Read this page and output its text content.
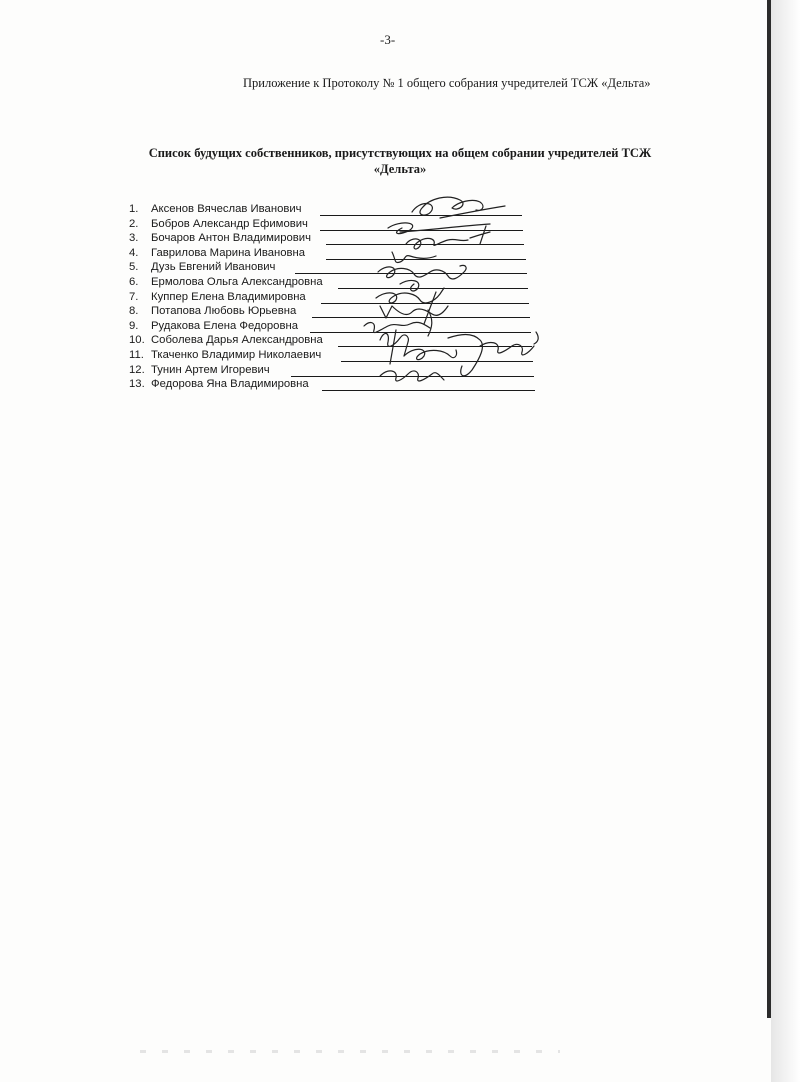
-3-
Приложение к Протоколу № 1 общего собрания учредителей ТСЖ «Дельта»
Список будущих собственников, присутствующих на общем собрании учредителей ТСЖ
«Дельта»
1. Аксенов Вячеслав Иванович
2. Бобров Александр Ефимович
3. Бочаров Антон Владимирович
4. Гаврилова Марина Ивановна
5. Дузь Евгений Иванович
6. Ермолова Ольга Александровна
7. Куппер Елена Владимировна
8. Потапова Любовь Юрьевна
9. Рудакова Елена Федоровна
10. Соболева Дарья Александровна
11. Ткаченко Владимир Николаевич
12. Тунин Артем Игоревич
13. Федорова Яна Владимировна
